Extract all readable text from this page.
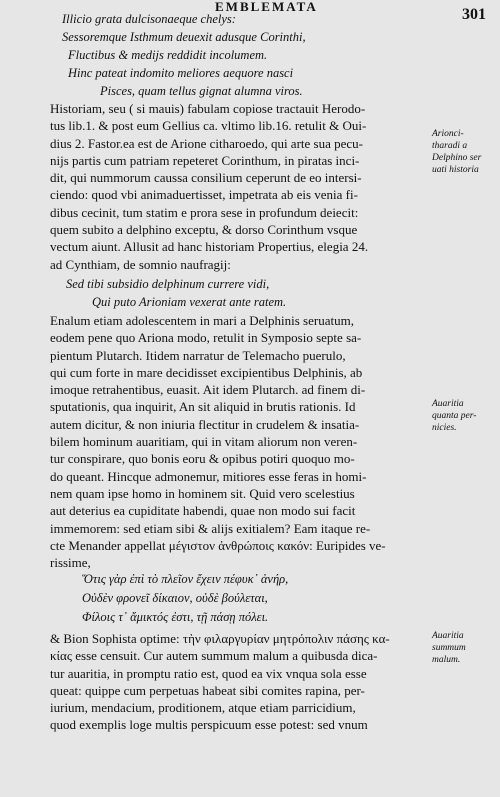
EMBLEMATA	301
Illicio grata dulcisonaeque chelys:
Sessoremque Isthmum deuexit adusque Corinthi,
Fluctibus & medijs reddidit incolumem.
Hinc pateat indomito meliores aequore nasci
Pisces, quam tellus gignat alumna viros.
Historiam, seu ( si mauis) fabulam copiose tractauit Herodo-
tus lib.1. & post eum Gellius ca. vltimo lib.16. retulit & Oui-
dius 2. Fastor.ea est de Arione citharoedo, qui arte sua pecu-
nijs partis cum patriam repeteret Corinthum, in piratas inci-
dit, qui nummorum caussa consilium ceperunt de eo intersi-
ciendo: quod vbi animaduertisset, impetrata ab eis venia fi-
dibus cecinit, tum statim e prora sese in profundum deiecit:
quem subito a delphino exceptu, & dorso Corinthum vsque
vectum aiunt. Allusit ad hanc historiam Propertius, elegia 24.
ad Cynthiam, de somnio naufragij:
Sed tibi subsidio delphinum currere vidi,
Qui puto Arioniam vexerat ante ratem.
Enalum etiam adolescentem in mari a Delphinis seruatum,
eodem pene quo Ariona modo, retulit in Symposio septe sa-
pientum Plutarch. Itidem narratur de Telemacho puerulo,
qui cum forte in mare decidisset excipientibus Delphinis, ab
imoque retrahentibus, euasit. Ait idem Plutarch. ad finem di-
sputationis, qua inquirit, An sit aliquid in brutis rationis. Id
autem dicitur, & non iniuria flectitur in crudelem & insatia-
bilem hominum auaritiam, qui in vitam aliorum non veren-
tur conspirare, quo bonis eoru & opibus potiri quoquo mo-
do queant. Hincque admonemur, mitiores esse feras in homi-
nem quam ipse homo in hominem sit. Quid vero scelestius
aut deterius ea cupiditate habendi, quae non modo sui facit
immemorem: sed etiam sibi & alijs exitialem? Eam itaque re-
cte Menander appellat μέγιστον ἀνθρώποις κακόν: Euripides ve-
rissime,
Ὅτις γὰρ ἐπὶ τὸ πλεῖον ἔχειν πέφυκ᾽ ἀνήρ,
Οὐδὲν φρονεῖ δίκαιον, οὐδὲ βούλεται,
Φίλοις τ᾽ ἄμικτός ἐστι, τῇ πάσῃ πόλει.
& Bion Sophista optime: τὴν φιλαργυρίαν μητρόπολιν πάσης κα-
κίας esse censuit. Cur autem summum malum a quibusda dica-
tur auaritia, in promptu ratio est, quod ea vix vnqua sola esse
queat: quippe cum perpetuas habeat sibi comites rapina, per-
iurium, mendacium, proditionem, atque etiam parricidium,
quod exemplis loge multis perspicuum esse potest: sed vnum
Arionci-
tharadi a
Delphino ser
uati historia
Auaritia
quanta per-
nicies.
Auaritia
summum
malum.
